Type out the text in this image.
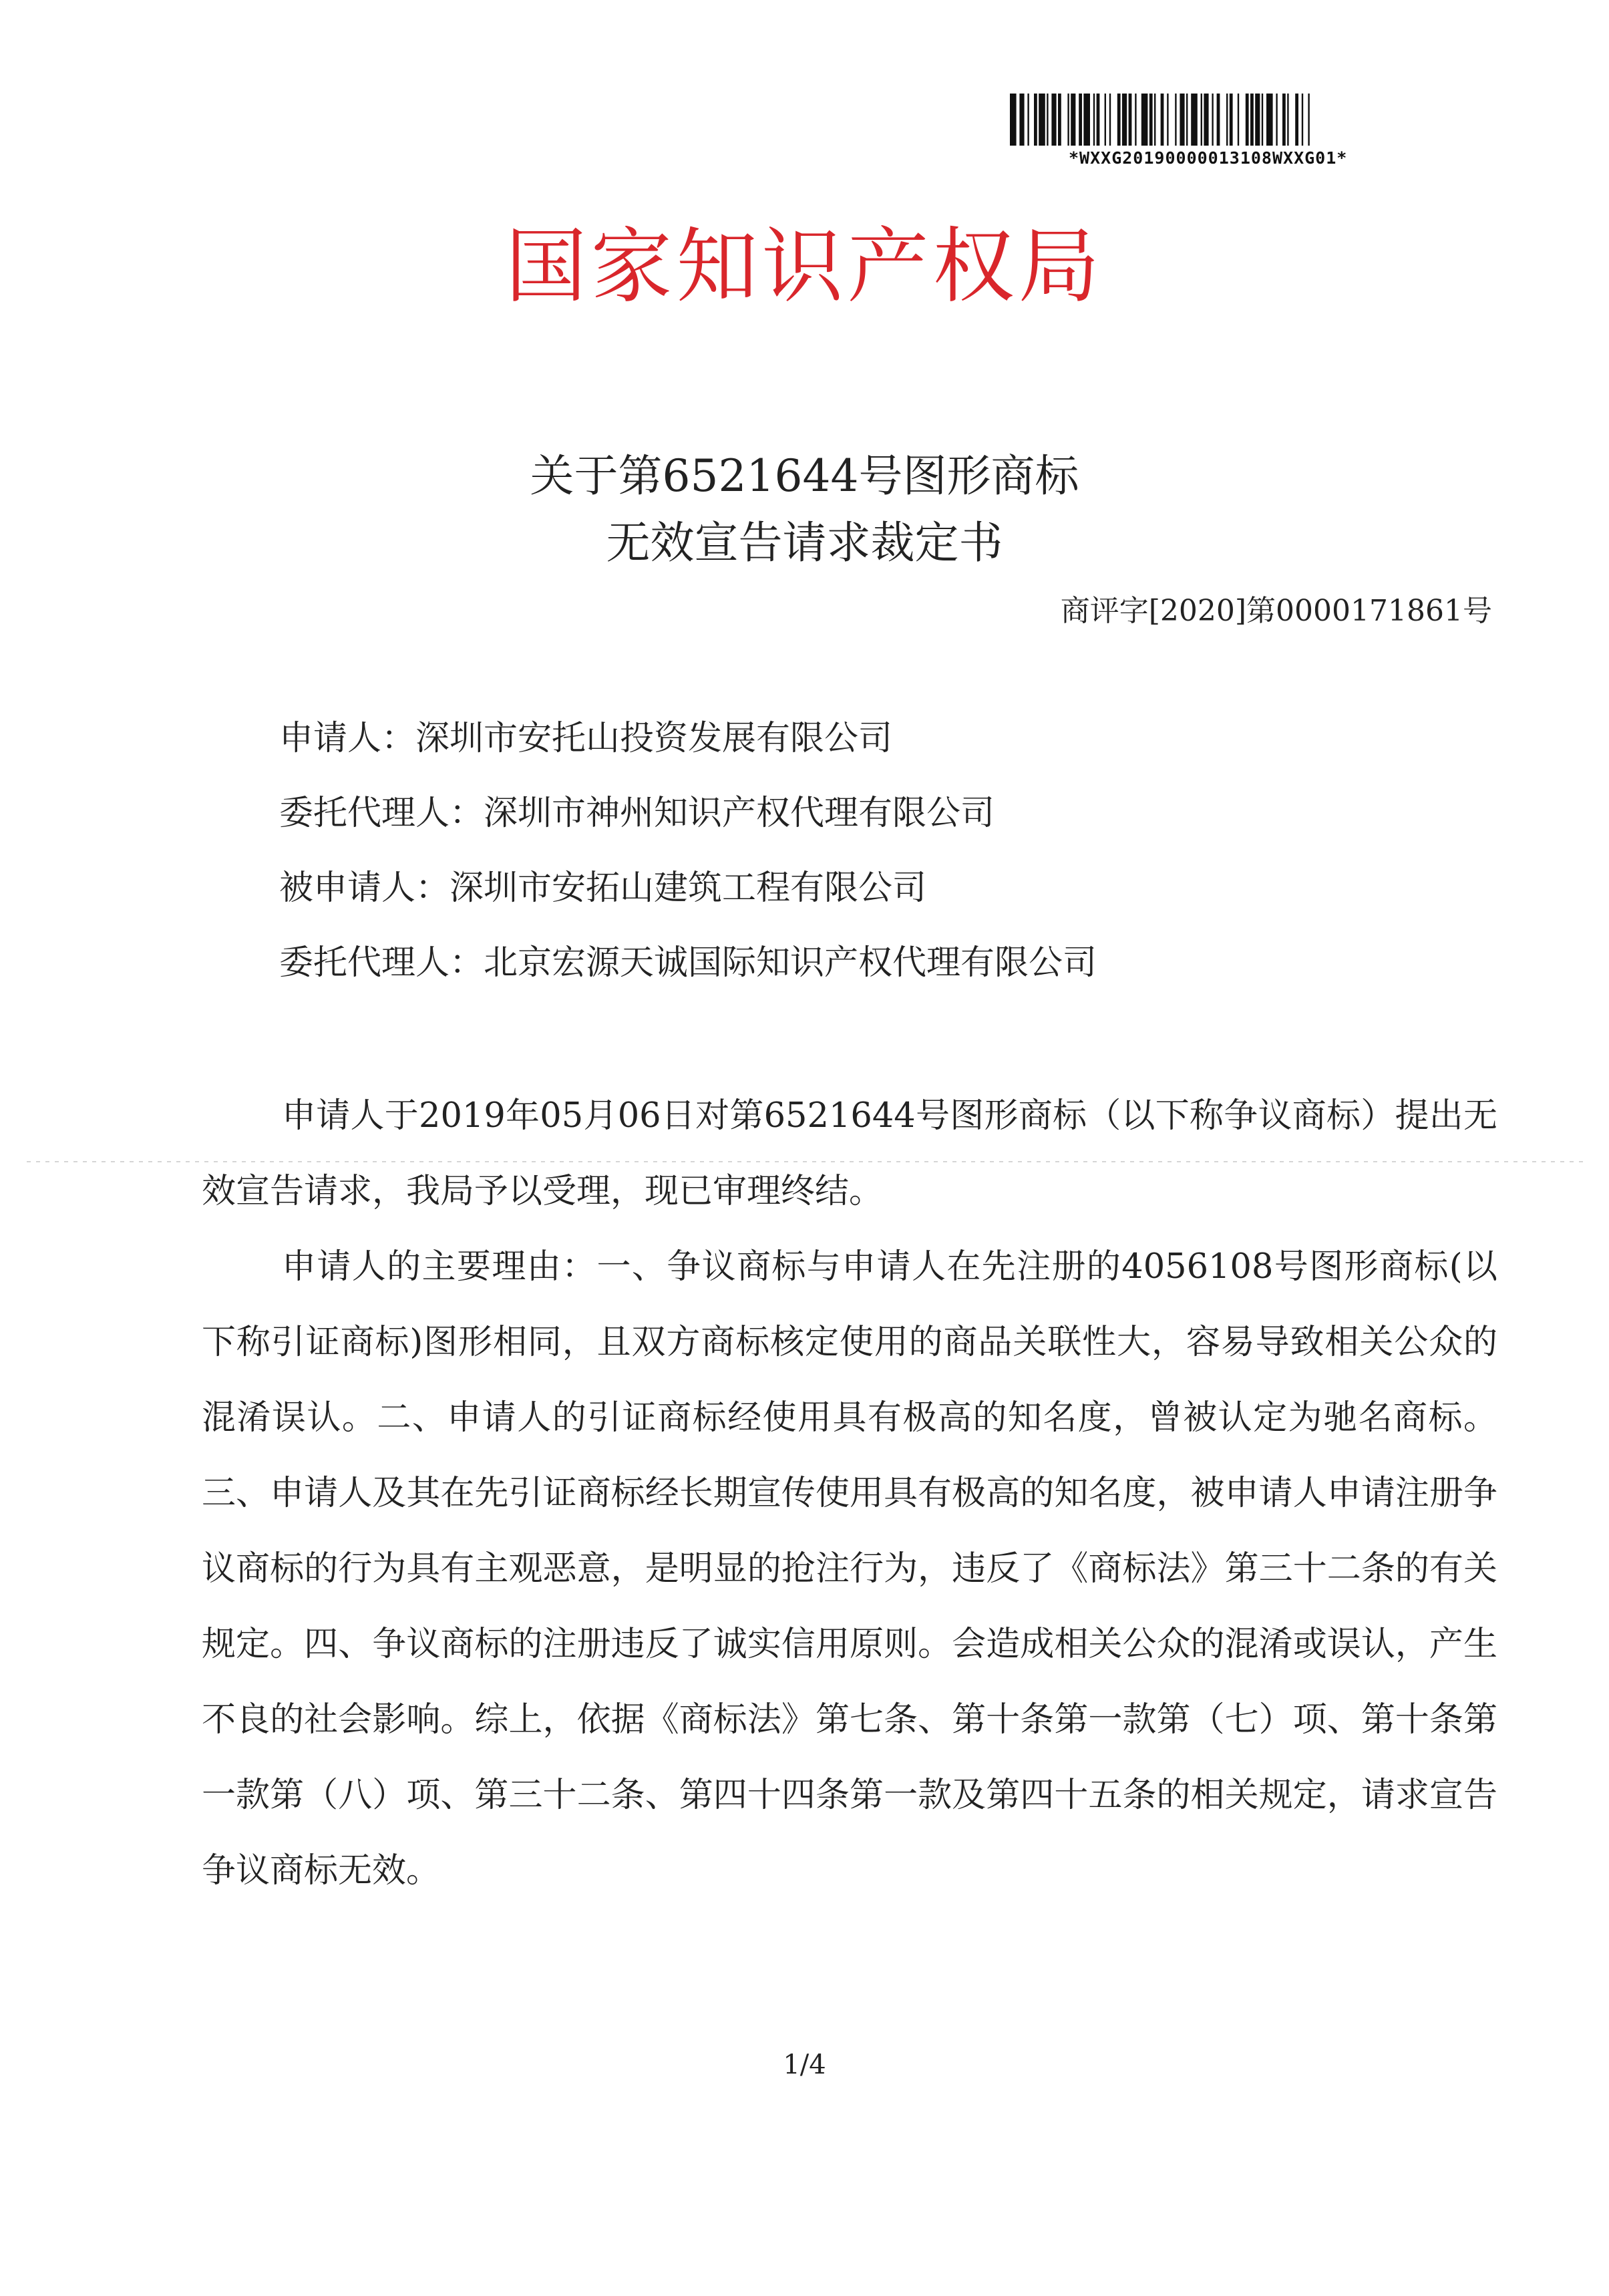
*WXXG20190000013108WXXG01*
国家知识产权局
关于第6521644号图形商标
无效宣告请求裁定书
商评字[2020]第0000171861号
申请人：深圳市安托山投资发展有限公司
委托代理人：深圳市神州知识产权代理有限公司
被申请人：深圳市安拓山建筑工程有限公司
委托代理人：北京宏源天诚国际知识产权代理有限公司

申请人于2019年05月06日对第6521644号图形商标（以下称争议商标）提出无效宣告请求，我局予以受理，现已审理终结。

申请人的主要理由：一、争议商标与申请人在先注册的4056108号图形商标(以下称引证商标)图形相同，且双方商标核定使用的商品关联性大，容易导致相关公众的混淆误认。二、申请人的引证商标经使用具有极高的知名度，曾被认定为驰名商标。三、申请人及其在先引证商标经长期宣传使用具有极高的知名度，被申请人申请注册争议商标的行为具有主观恶意，是明显的抢注行为，违反了《商标法》第三十二条的有关规定。四、争议商标的注册违反了诚实信用原则。会造成相关公众的混淆或误认，产生不良的社会影响。综上，依据《商标法》第七条、第十条第一款第（七）项、第十条第一款第（八）项、第三十二条、第四十四条第一款及第四十五条的相关规定，请求宣告争议商标无效。

1/4
